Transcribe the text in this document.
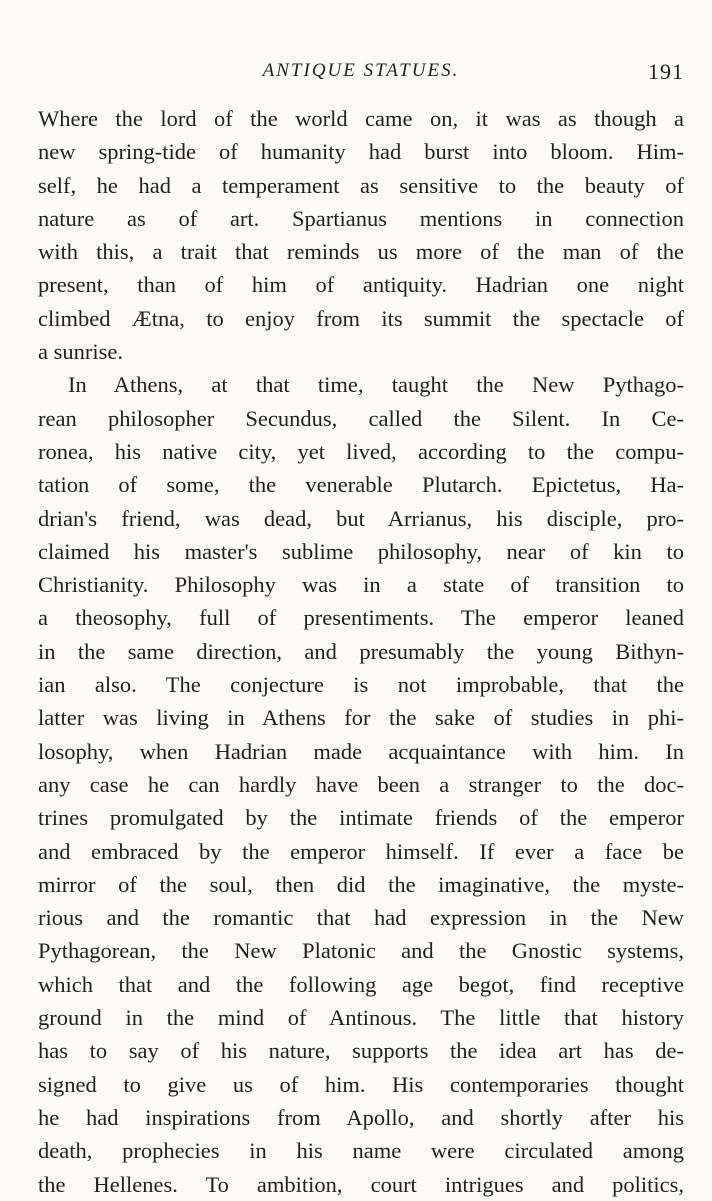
ANTIQUE STATUES.	191
Where the lord of the world came on, it was as though a
new spring-tide of humanity had burst into bloom. Him-
self, he had a temperament as sensitive to the beauty of
nature as of art. Spartianus mentions in connection
with this, a trait that reminds us more of the man of the
present, than of him of antiquity. Hadrian one night
climbed Ætna, to enjoy from its summit the spectacle of
a sunrise.
In Athens, at that time, taught the New Pythago-
rean philosopher Secundus, called the Silent. In Ce-
ronea, his native city, yet lived, according to the compu-
tation of some, the venerable Plutarch. Epictetus, Ha-
drian's friend, was dead, but Arrianus, his disciple, pro-
claimed his master's sublime philosophy, near of kin to
Christianity. Philosophy was in a state of transition to
a theosophy, full of presentiments. The emperor leaned
in the same direction, and presumably the young Bithyn-
ian also. The conjecture is not improbable, that the
latter was living in Athens for the sake of studies in phi-
losophy, when Hadrian made acquaintance with him. In
any case he can hardly have been a stranger to the doc-
trines promulgated by the intimate friends of the emperor
and embraced by the emperor himself. If ever a face be
mirror of the soul, then did the imaginative, the myste-
rious and the romantic that had expression in the New
Pythagorean, the New Platonic and the Gnostic systems,
which that and the following age begot, find receptive
ground in the mind of Antinous. The little that history
has to say of his nature, supports the idea art has de-
signed to give us of him. His contemporaries thought
he had inspirations from Apollo, and shortly after his
death, prophecies in his name were circulated among
the Hellenes. To ambition, court intrigues and politics,
